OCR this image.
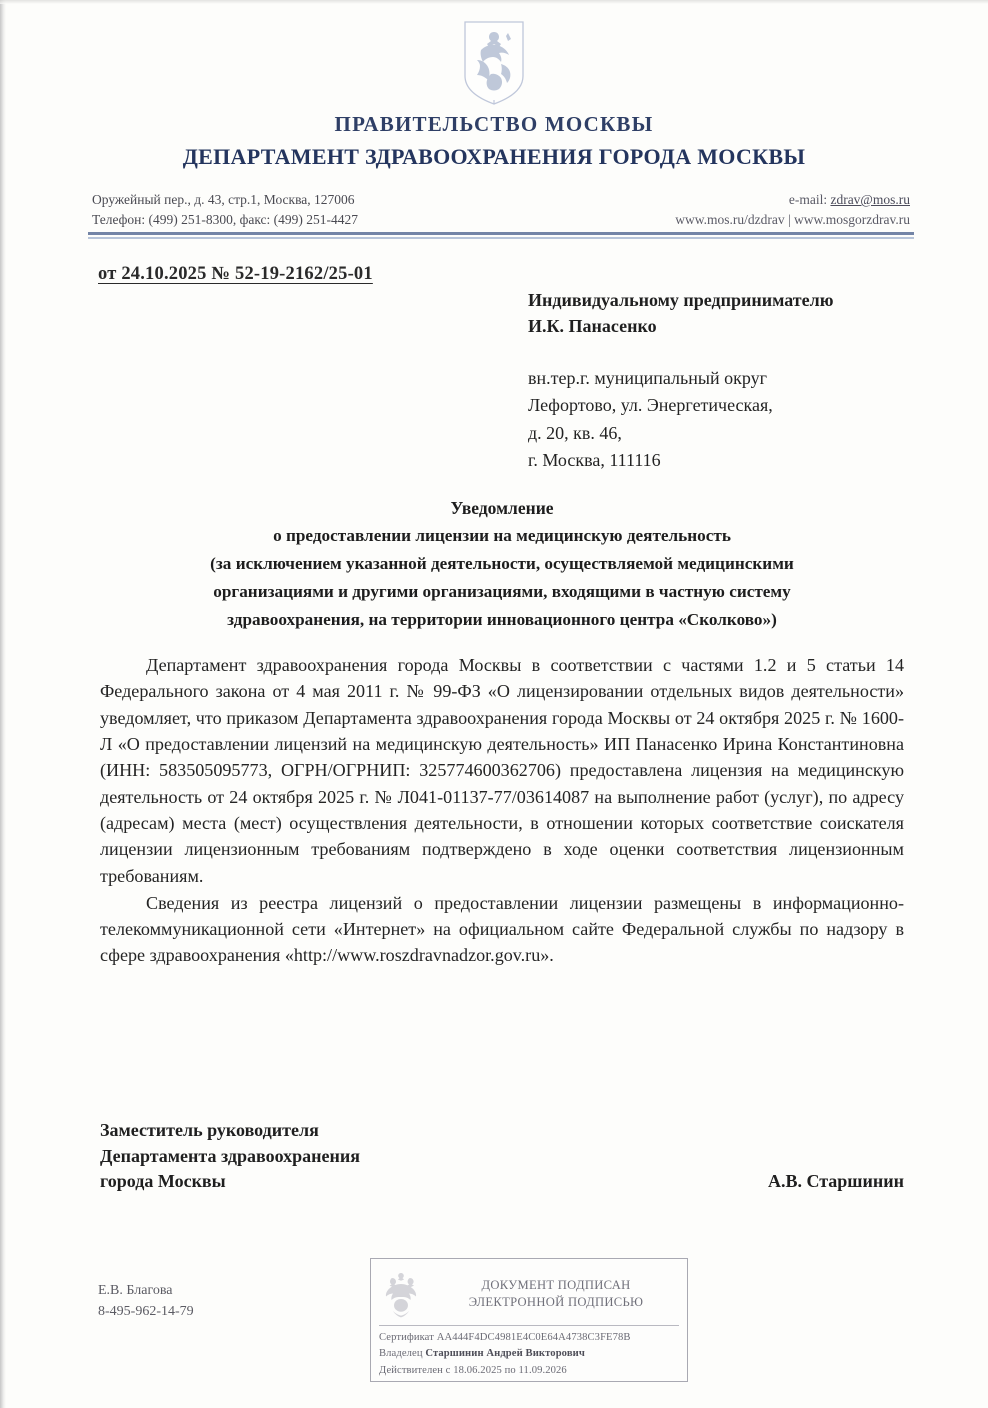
ПРАВИТЕЛЬСТВО МОСКВЫ
ДЕПАРТАМЕНТ ЗДРАВООХРАНЕНИЯ ГОРОДА МОСКВЫ
Оружейный пер., д. 43, стр.1, Москва, 127006
Телефон: (499) 251-8300, факс: (499) 251-4427
e-mail: zdrav@mos.ru
www.mos.ru/dzdrav | www.mosgorzdrav.ru
от 24.10.2025 № 52-19-2162/25-01
Индивидуальному предпринимателю
И.К. Панасенко
вн.тер.г. муниципальный округ
Лефортово, ул. Энергетическая,
д. 20, кв. 46,
г. Москва, 111116
Уведомление
о предоставлении лицензии на медицинскую деятельность
(за исключением указанной деятельности, осуществляемой медицинскими
организациями и другими организациями, входящими в частную систему
здравоохранения, на территории инновационного центра «Сколково»)

Департамент здравоохранения города Москвы в соответствии с частями 1.2 и 5 статьи 14 Федерального закона от 4 мая 2011 г. № 99-ФЗ «О лицензировании отдельных видов деятельности» уведомляет, что приказом Департамента здравоохранения города Москвы от 24 октября 2025 г. № 1600-Л «О предоставлении лицензий на медицинскую деятельность» ИП Панасенко Ирина Константиновна (ИНН: 583505095773, ОГРН/ОГРНИП: 325774600362706) предоставлена лицензия на медицинскую деятельность от 24 октября 2025 г. № Л041-01137-77/03614087 на выполнение работ (услуг), по адресу (адресам) места (мест) осуществления деятельности, в отношении которых соответствие соискателя лицензии лицензионным требованиям подтверждено в ходе оценки соответствия лицензионным требованиям.

Сведения из реестра лицензий о предоставлении лицензии размещены в информационно-телекоммуникационной сети «Интернет» на официальном сайте Федеральной службы по надзору в сфере здравоохранения «http://www.roszdravnadzor.gov.ru».

Заместитель руководителя
Департамента здравоохранения
города Москвы	А.В. Старшинин
Е.В. Благова
8-495-962-14-79
ДОКУМЕНТ ПОДПИСАН
ЭЛЕКТРОННОЙ ПОДПИСЬЮ
Сертификат AA444F4DC4981E4C0E64A4738C3FE78B
Владелец Старшинин Андрей Викторович
Действителен с 18.06.2025 по 11.09.2026
